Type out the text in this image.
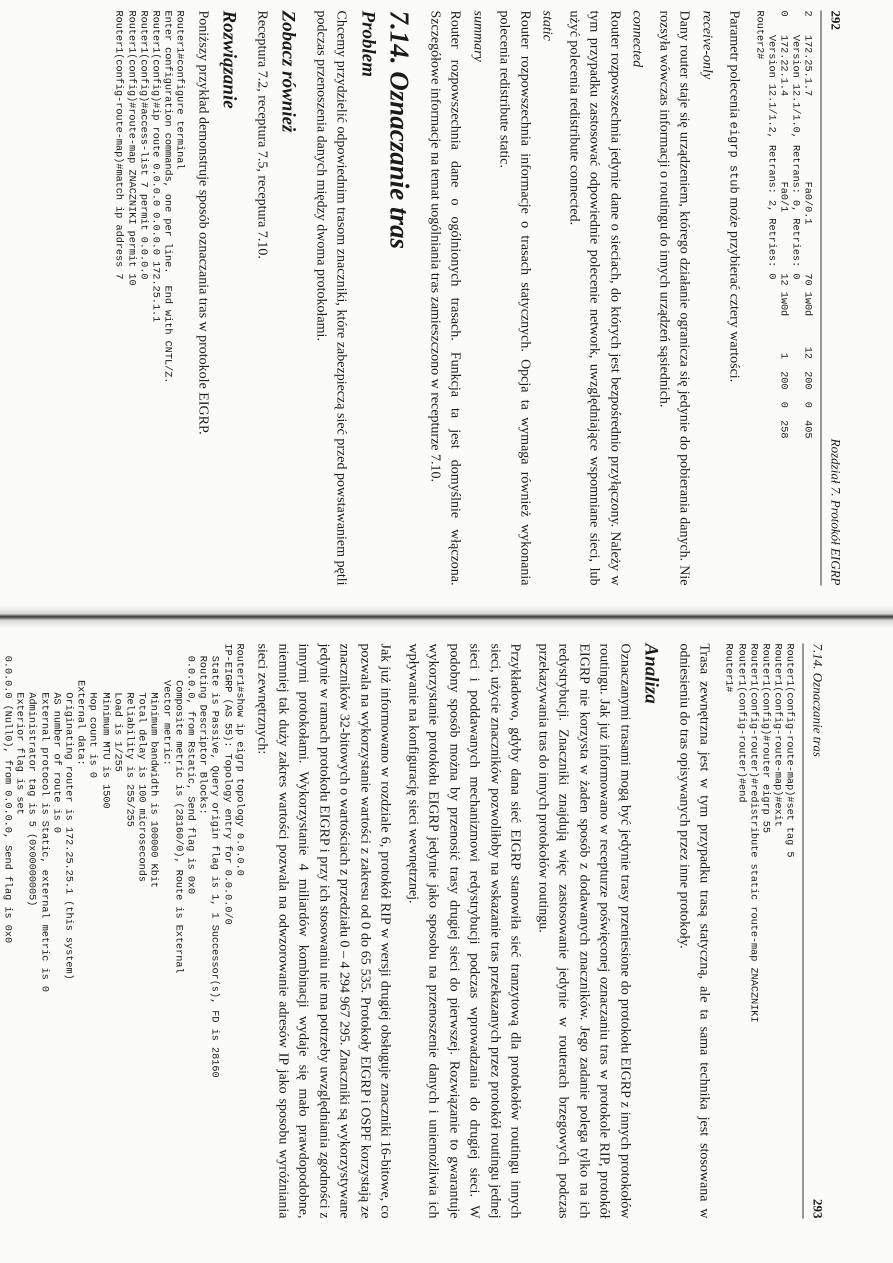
292
Rozdział 7. Protokół EIGRP
2   172.25.1.7              Fa0/0.1        70 1w0d     12  200  0  405
Version 12.1/1.0, Retrans: 0, Retries: 0
0   172.22.1.4              Fa0/1          12 1w0d      1  200  0  258
Version 12.1/1.2, Retrans: 2, Retries: 0
Router2#

Parametr polecenia eigrp stub może przybierać cztery wartości.

receive-only
Dany router staje się urządzeniem, którego działanie ogranicza się jedynie do pobierania danych. Nie rozsyła wówczas informacji o routingu do innych urządzeń sąsiednich.
connected
Router rozpowszechnia jedynie dane o sieciach, do których jest bezpośrednio przyłączony. Należy w tym przypadku zastosować odpowiednie polecenie network, uwzględniające wspomniane sieci, lub użyć polecenia redistribute connected.
static
Router rozpowszechnia informacje o trasach statycznych. Opcja ta wymaga również wykonania polecenia redistribute static.
summary
Router rozpowszechnia dane o ogólnionych trasach. Funkcja ta jest domyślnie włączona. Szczegółowe informacje na temat uogólniania tras zamieszczono w recepturze 7.10.
7.14. Oznaczanie tras
Problem

Chcemy przydzielić odpowiednim trasom znaczniki, które zabezpieczą sieć przed powstawaniem pętli podczas przenoszenia danych między dwoma protokołami.

Zobacz również

Receptura 7.2, receptura 7.5, receptura 7.10.

Rozwiązanie

Poniższy przykład demonstruje sposób oznaczania tras w protokole EIGRP.

Router1#configure terminal
Enter configuration commands, one per line.  End with CNTL/Z.
Router1(config)#ip route 0.0.0.0 0.0.0.0 172.25.1.1
Router1(config)#access-list 7 permit 0.0.0.0
Router1(config)#route-map ZNACZNIKI permit 10
Router1(config-route-map)#match ip address 7
7.14. Oznaczanie tras
293
Router1(config-route-map)#set tag 5
Router1(config-route-map)#exit
Router1(config)#router eigrp 55
Router1(config-router)#redistribute static route-map ZNACZNIKI
Router1(config-router)#end
Router1#

Trasa zewnętrzna jest w tym przypadku trasą statyczną, ale ta sama technika jest stosowana w odniesieniu do tras opisywanych przez inne protokoły.

Analiza

Oznaczanymi trasami mogą być jedynie trasy przeniesione do protokołu EIGRP z innych protokołów routingu. Jak już informowano w recepturze poświęconej oznaczaniu tras w protokole RIP, protokół EIGRP nie korzysta w żaden sposób z dodawanych znaczników. Jego zadanie polega tylko na ich redystrybucji. Znaczniki znajdują więc zastosowanie jedynie w routerach brzegowych podczas przekazywania tras do innych protokołów routingu.

Przykładowo, gdyby dana sieć EIGRP stanowiła sieć tranzytową dla protokołów routingu innych sieci, użycie znaczników pozwoliłoby na wskazanie tras przekazanych przez protokół routingu jednej sieci i poddawanych mechanizmowi redystrybucji podczas wprowadzania do drugiej sieci. W podobny sposób można by przenosić trasy drugiej sieci do pierwszej. Rozwiązanie to gwarantuje wykorzystanie protokołu EIGRP jedynie jako sposobu na przenoszenie danych i uniemożliwia ich wpływanie na konfigurację sieci wewnętrznej.

Jak już informowano w rozdziale 6, protokół RIP w wersji drugiej obsługuje znaczniki 16-bitowe, co pozwala na wykorzystanie wartości z zakresu od 0 do 65 535. Protokoły EIGRP i OSPF korzystają ze znaczników 32-bitowych o wartościach z przedziału 0 – 4 294 967 295. Znaczniki są wykorzystywane jedynie w ramach protokołu EIGRP i przy ich stosowaniu nie ma potrzeby uwzględniania zgodności z innymi protokołami. Wykorzystanie 4 miliardów kombinacji wydaje się mało prawdopodobne, niemniej tak duży zakres wartości pozwala na odwzorowanie adresów IP jako sposobu wyróżniania sieci zewnętrznych:

Router1#show ip eigrp topology 0.0.0.0
IP-EIGRP (AS 55): Topology entry for 0.0.0.0/0
State is Passive, Query origin flag is 1, 1 Successor(s), FD is 28160
Routing Descriptor Blocks:
0.0.0.0, from Rstatic, Send flag is 0x0
Composite metric is (28160/0), Route is External
Vector metric:
Minimum bandwidth is 100000 Kbit
Total delay is 100 microseconds
Reliability is 255/255
Load is 1/255
Minimum MTU is 1500
Hop count is 0
External data:
Originating router is 172.25.25.1 (this system)
AS number of route is 0
External protocol is Static, external metric is 0
Administrator tag is 5 (0x00000005)
Exterior flag is set
0.0.0.0 (Null0), from 0.0.0.0, Send flag is 0x0
